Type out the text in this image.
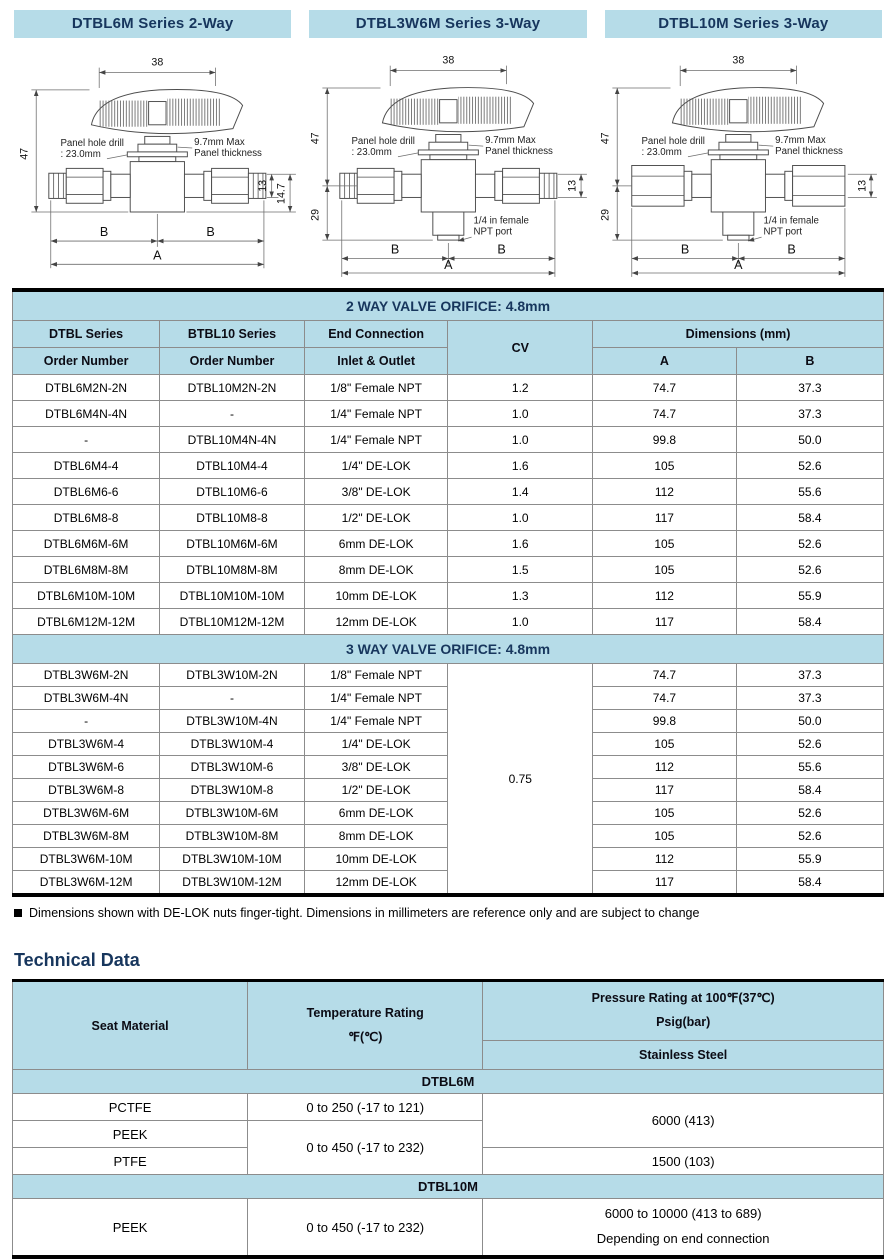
DTBL6M Series 2-Way	DTBL3W6M Series 3-Way	DTBL10M Series 3-Way
38
47
13 14.7
B	B
A
Panel hole drill
: 23.0mm
9.7mm Max
Panel thickness
38
47
29
13
B	B
A
Panel hole drill
: 23.0mm
9.7mm Max
Panel thickness
1/4 in female
NPT port
38
47
29
13
B	B
A
Panel hole drill
: 23.0mm
9.7mm Max
Panel thickness
1/4 in female
NPT port
2 WAY VALVE ORIFICE: 4.8mm					
DTBL Series	BTBL10 Series	End Connection	CV	Dimensions (mm)	
Order Number	Order Number	Inlet & Outlet		A	B
DTBL6M2N-2N	DTBL10M2N-2N	1/8" Female NPT	1.2	74.7	37.3
DTBL6M4N-4N	-	1/4" Female NPT	1.0	74.7	37.3
-	DTBL10M4N-4N	1/4" Female NPT	1.0	99.8	50.0
DTBL6M4-4	DTBL10M4-4	1/4" DE-LOK	1.6	105	52.6
DTBL6M6-6	DTBL10M6-6	3/8" DE-LOK	1.4	112	55.6
DTBL6M8-8	DTBL10M8-8	1/2" DE-LOK	1.0	117	58.4
DTBL6M6M-6M	DTBL10M6M-6M	6mm DE-LOK	1.6	105	52.6
DTBL6M8M-8M	DTBL10M8M-8M	8mm DE-LOK	1.5	105	52.6
DTBL6M10M-10M	DTBL10M10M-10M	10mm DE-LOK	1.3	112	55.9
DTBL6M12M-12M	DTBL10M12M-12M	12mm DE-LOK	1.0	117	58.4
3 WAY VALVE ORIFICE: 4.8mm					
DTBL3W6M-2N	DTBL3W10M-2N	1/8" Female NPT	0.75	74.7	37.3
DTBL3W6M-4N	-	1/4" Female NPT		74.7	37.3
-	DTBL3W10M-4N	1/4" Female NPT		99.8	50.0
DTBL3W6M-4	DTBL3W10M-4	1/4" DE-LOK		105	52.6
DTBL3W6M-6	DTBL3W10M-6	3/8" DE-LOK		112	55.6
DTBL3W6M-8	DTBL3W10M-8	1/2" DE-LOK		117	58.4
DTBL3W6M-6M	DTBL3W10M-6M	6mm DE-LOK		105	52.6
DTBL3W6M-8M	DTBL3W10M-8M	8mm DE-LOK		105	52.6
DTBL3W6M-10M	DTBL3W10M-10M	10mm DE-LOK		112	55.9
DTBL3W6M-12M	DTBL3W10M-12M	12mm DE-LOK		117	58.4
Dimensions shown with DE-LOK nuts finger-tight. Dimensions in millimeters are reference only and are subject to change
Technical Data
Seat Material	
Temperature Rating
℉(℃)

Pressure Rating at 100℉(37℃)
Psig(bar)

		Stainless Steel
DTBL6M		
PCTFE	0 to 250 (-17 to 121)	6000 (413)
PEEK	0 to 450 (-17 to 232)	
PTFE		1500 (103)
DTBL10M		
PEEK	0 to 450 (-17 to 232)	6000 to 10000 (413 to 689)
Depending on end connection
